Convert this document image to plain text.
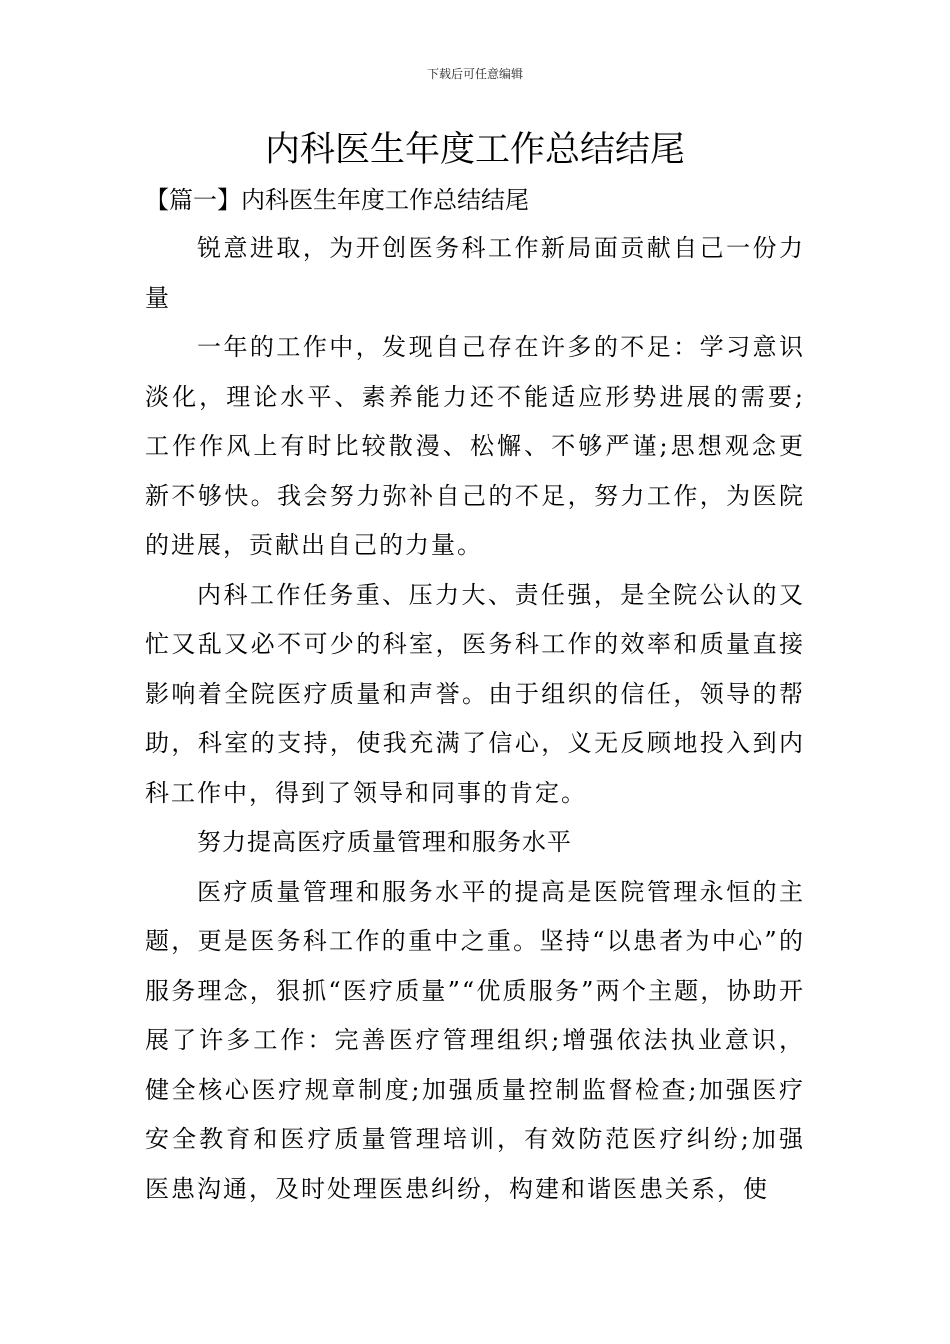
下载后可任意编辑
内科医生年度工作总结结尾
【篇一】内科医生年度工作总结结尾

锐意进取，为开创医务科工作新局面贡献自己一份力量

一年的工作中，发现自己存在许多的不足：学习意识淡化，理论水平、素养能力还不能适应形势进展的需要;工作作风上有时比较散漫、松懈、不够严谨;思想观念更新不够快。我会努力弥补自己的不足，努力工作，为医院的进展，贡献出自己的力量。

内科工作任务重、压力大、责任强，是全院公认的又忙又乱又必不可少的科室，医务科工作的效率和质量直接影响着全院医疗质量和声誉。由于组织的信任，领导的帮助，科室的支持，使我充满了信心，义无反顾地投入到内科工作中，得到了领导和同事的肯定。

努力提高医疗质量管理和服务水平

医疗质量管理和服务水平的提高是医院管理永恒的主题，更是医务科工作的重中之重。坚持“以患者为中心”的服务理念，狠抓“医疗质量”“优质服务”两个主题，协助开展了许多工作：完善医疗管理组织;增强依法执业意识，健全核心医疗规章制度;加强质量控制监督检查;加强医疗安全教育和医疗质量管理培训，有效防范医疗纠纷;加强医患沟通，及时处理医患纠纷，构建和谐医患关系，使
